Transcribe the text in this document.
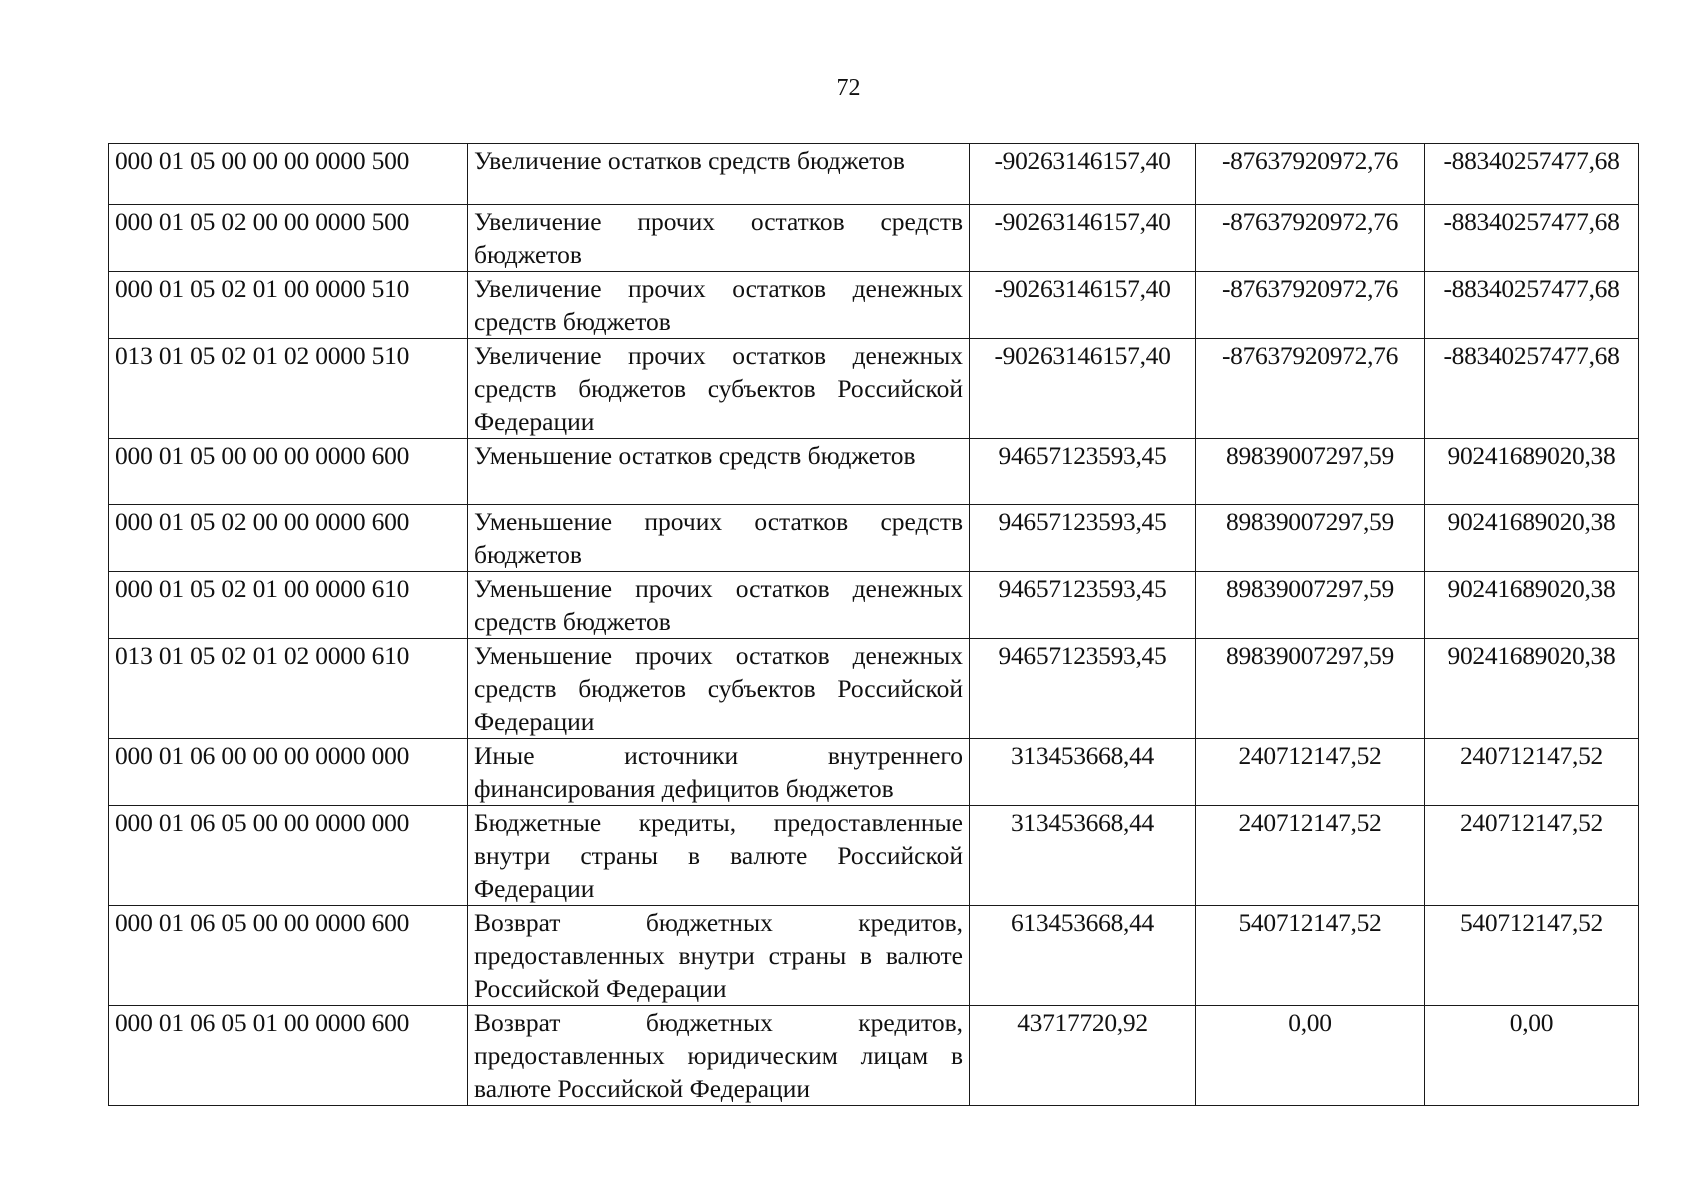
72
000 01 05 00 00 00 0000 500	Увеличение остатков средств бюджетов	-90263146157,40	-87637920972,76	-88340257477,68
000 01 05 02 00 00 0000 500	Увеличение прочих остатков средств бюджетов	-90263146157,40	-87637920972,76	-88340257477,68
000 01 05 02 01 00 0000 510	Увеличение прочих остатков денежных средств бюджетов	-90263146157,40	-87637920972,76	-88340257477,68
013 01 05 02 01 02 0000 510	Увеличение прочих остатков денежных средств бюджетов субъектов Российской Федерации	-90263146157,40	-87637920972,76	-88340257477,68
000 01 05 00 00 00 0000 600	Уменьшение остатков средств бюджетов	94657123593,45	89839007297,59	90241689020,38
000 01 05 02 00 00 0000 600	Уменьшение прочих остатков средств бюджетов	94657123593,45	89839007297,59	90241689020,38
000 01 05 02 01 00 0000 610	Уменьшение прочих остатков денежных средств бюджетов	94657123593,45	89839007297,59	90241689020,38
013 01 05 02 01 02 0000 610	Уменьшение прочих остатков денежных средств бюджетов субъектов Российской Федерации	94657123593,45	89839007297,59	90241689020,38
000 01 06 00 00 00 0000 000	Иные источники внутреннего финансирования дефицитов бюджетов	313453668,44	240712147,52	240712147,52
000 01 06 05 00 00 0000 000	Бюджетные кредиты, предоставленные внутри страны в валюте Российской Федерации	313453668,44	240712147,52	240712147,52
000 01 06 05 00 00 0000 600	Возврат бюджетных кредитов, предоставленных внутри страны в валюте Российской Федерации	613453668,44	540712147,52	540712147,52
000 01 06 05 01 00 0000 600	Возврат бюджетных кредитов, предоставленных юридическим лицам в валюте Российской Федерации	43717720,92	0,00	0,00
